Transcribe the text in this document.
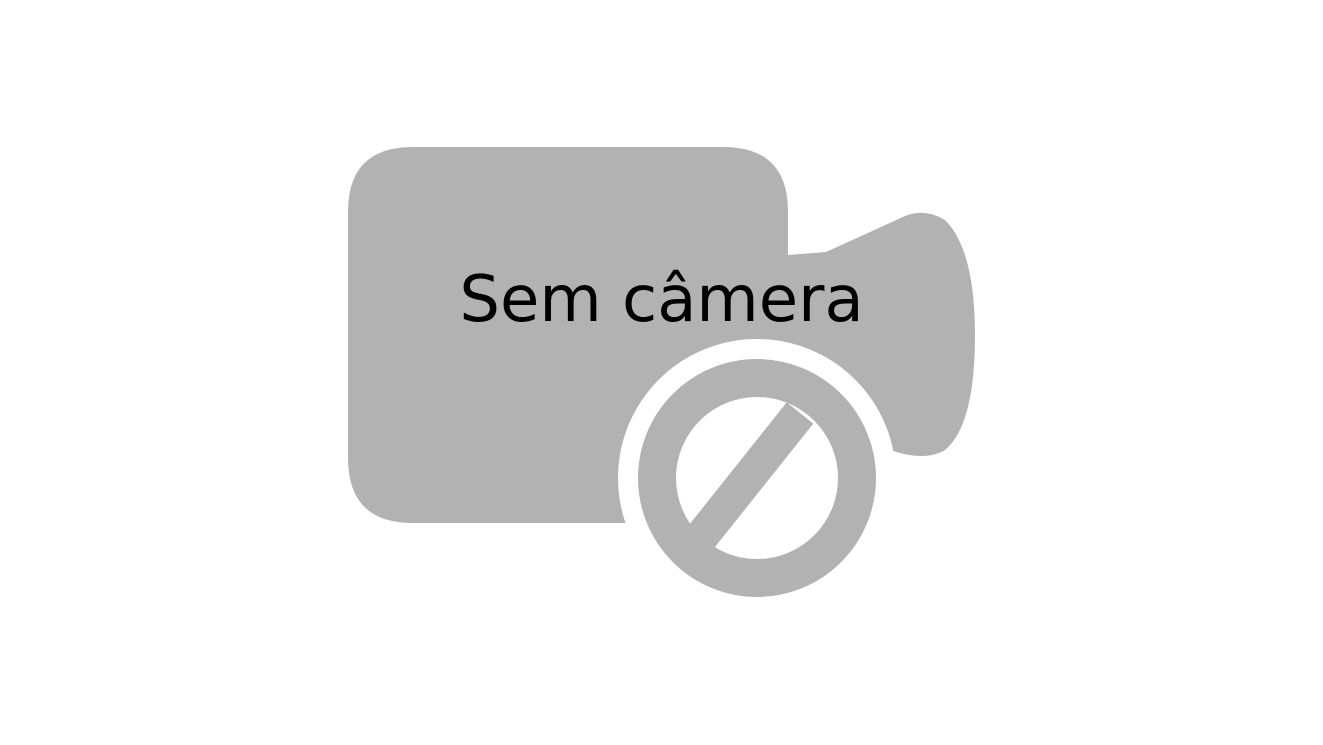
Sem câmera
